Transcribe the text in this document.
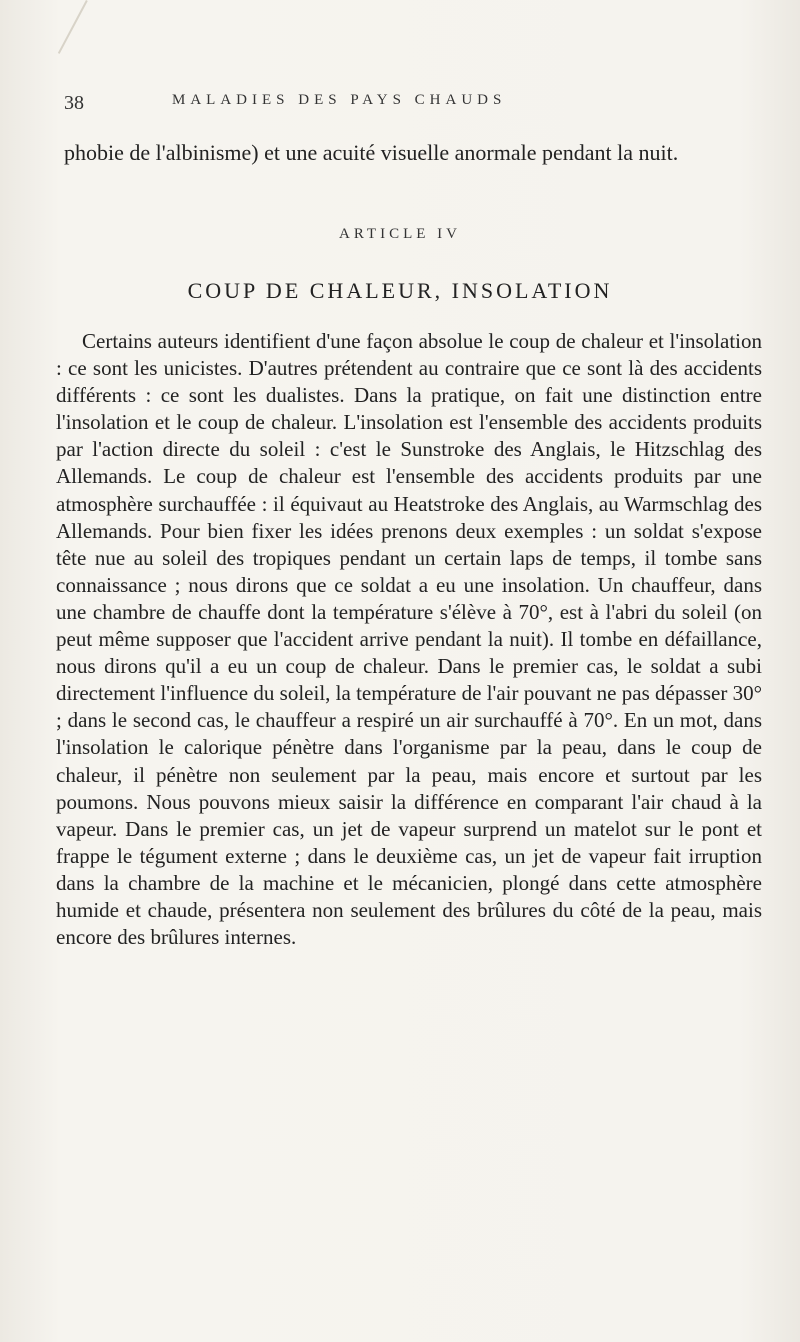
38	MALADIES DES PAYS CHAUDS

phobie de l'albinisme) et une acuité visuelle anormale pendant la nuit.

ARTICLE IV
COUP DE CHALEUR, INSOLATION

Certains auteurs identifient d'une façon absolue le coup de chaleur et l'insolation : ce sont les unicistes. D'autres prétendent au contraire que ce sont là des accidents différents : ce sont les dualistes. Dans la pratique, on fait une distinction entre l'insolation et le coup de chaleur. L'insolation est l'ensemble des accidents produits par l'action directe du soleil : c'est le Sunstroke des Anglais, le Hitzschlag des Allemands. Le coup de chaleur est l'ensemble des accidents produits par une atmosphère surchauffée : il équivaut au Heatstroke des Anglais, au Warmschlag des Allemands. Pour bien fixer les idées prenons deux exemples : un soldat s'expose tête nue au soleil des tropiques pendant un certain laps de temps, il tombe sans connaissance ; nous dirons que ce soldat a eu une insolation. Un chauffeur, dans une chambre de chauffe dont la température s'élève à 70°, est à l'abri du soleil (on peut même supposer que l'accident arrive pendant la nuit). Il tombe en défaillance, nous dirons qu'il a eu un coup de chaleur. Dans le premier cas, le soldat a subi directement l'influence du soleil, la température de l'air pouvant ne pas dépasser 30° ; dans le second cas, le chauffeur a respiré un air surchauffé à 70°. En un mot, dans l'insolation le calorique pénètre dans l'organisme par la peau, dans le coup de chaleur, il pénètre non seulement par la peau, mais encore et surtout par les poumons. Nous pouvons mieux saisir la différence en comparant l'air chaud à la vapeur. Dans le premier cas, un jet de vapeur surprend un matelot sur le pont et frappe le tégument externe ; dans le deuxième cas, un jet de vapeur fait irruption dans la chambre de la machine et le mécanicien, plongé dans cette atmosphère humide et chaude, présentera non seulement des brûlures du côté de la peau, mais encore des brûlures internes.
